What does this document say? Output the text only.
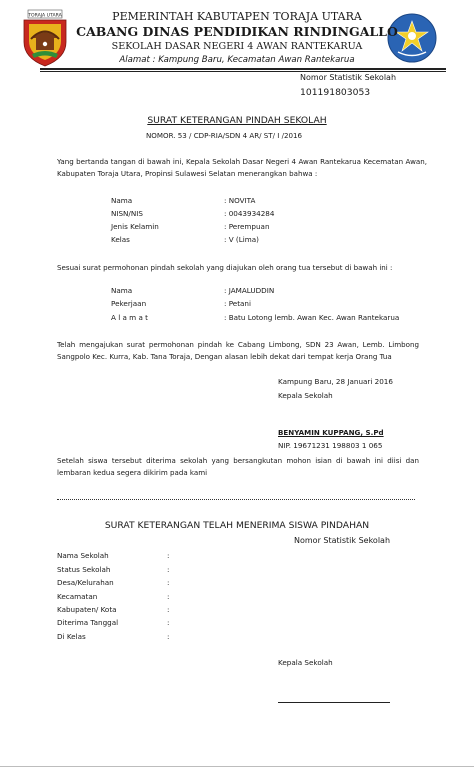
TORAJA UTARA	PEMERINTAH KABUTAPEN TORAJA UTARA
CABANG DINAS PENDIDIKAN RINDINGALLO
SEKOLAH DASAR NEGERI 4 AWAN RANTEKARUA
Alamat : Kampung Baru, Kecamatan Awan Rantekarua
Nomor Statistik Sekolah
101191803053
SURAT KETERANGAN PINDAH SEKOLAH
NOMOR. 53 / CDP-RIA/SDN 4 AR/ ST/ I /2016
Yang bertanda tangan di bawah ini, Kepala Sekolah Dasar Negeri 4 Awan Rantekarua Kecematan Awan, Kabupaten Toraja Utara, Propinsi Sulawesi Selatan menerangkan bahwa :
Nama	: NOVITA
NISN/NIS	: 0043934284
Jenis Kelamin	: Perempuan
Kelas	: V (Lima)
Sesuai surat permohonan pindah sekolah yang diajukan oleh orang tua tersebut di bawah ini :
Nama	: JAMALUDDIN
Pekerjaan	: Petani
A l a m a t	: Batu Lotong lemb. Awan Kec. Awan Rantekarua
Telah mengajukan surat permohonan pindah ke Cabang Limbong, SDN 23 Awan, Lemb. Limbong Sangpolo Kec. Kurra, Kab. Tana Toraja, Dengan alasan lebih dekat dari tempat kerja Orang Tua
Kampung Baru, 28 Januari 2016
Kepala Sekolah
BENYAMIN KUPPANG, S.Pd
NIP. 19671231 198803 1 065
Setelah siswa tersebut diterima sekolah yang bersangkutan mohon isian di bawah ini diisi dan lembaran kedua segera dikirim pada kami
SURAT KETERANGAN TELAH MENERIMA SISWA PINDAHAN
Nomor Statistik Sekolah
Nama Sekolah	:
Status Sekolah	:
Desa/Kelurahan	:
Kecamatan	:
Kabupaten/ Kota	:
Diterima Tanggal	:
Di Kelas	:
Kepala Sekolah
